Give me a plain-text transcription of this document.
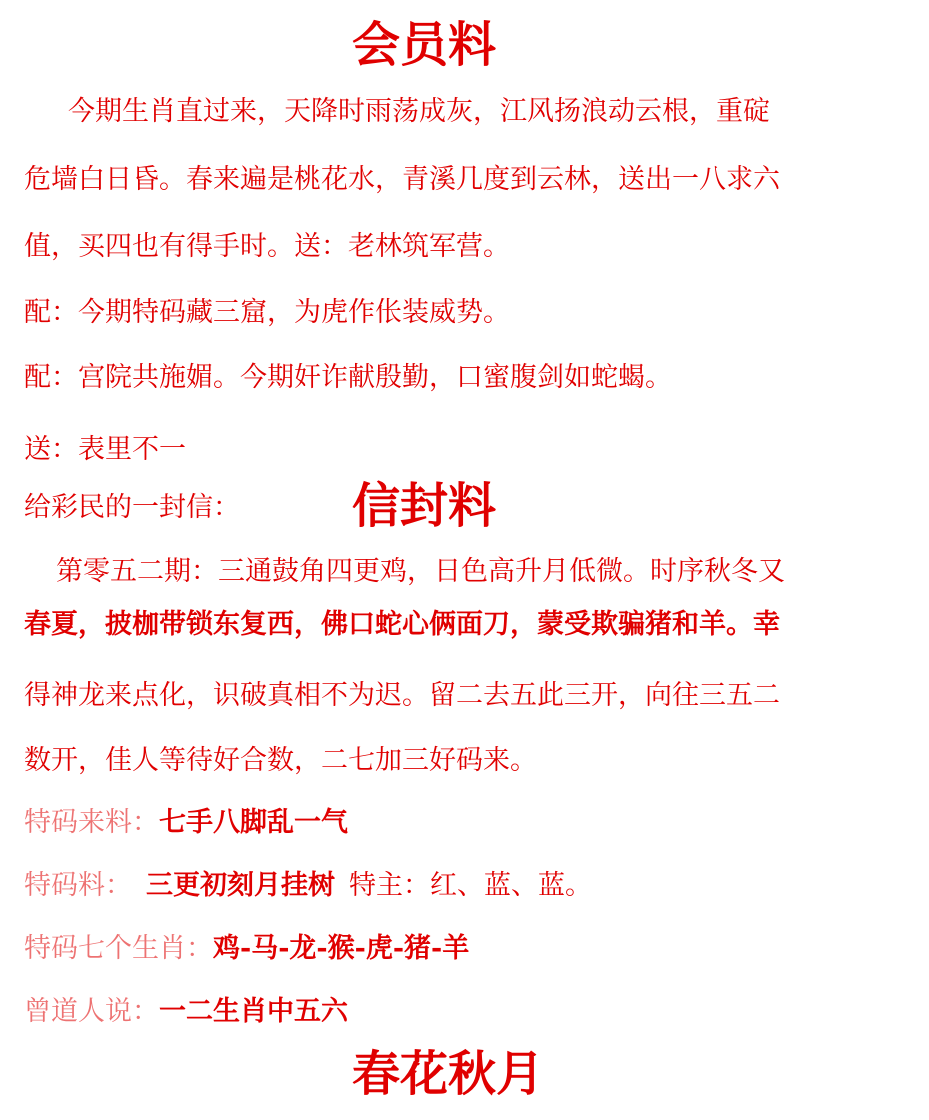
会员料
今期生肖直过来，天降时雨荡成灰，江风扬浪动云根，重碇
危墙白日昏。春来遍是桃花水，青溪几度到云林，送出一八求六
值，买四也有得手时。送：老林筑军营。
配：今期特码藏三窟，为虎作伥装威势。
配：宫院共施媚。今期奸诈献殷勤，口蜜腹剑如蛇蝎。
送：表里不一
给彩民的一封信： 信封料
第零五二期：三通鼓角四更鸡，日色高升月低微。时序秋冬又
春夏，披枷带锁东复西，佛口蛇心俩面刀，蒙受欺骗猪和羊。幸
得神龙来点化，识破真相不为迟。留二去五此三开，向往三五二
数开，佳人等待好合数，二七加三好码来。
特码来料：七手八脚乱一气
特码料： 三更初刻月挂树 特主：红、蓝、蓝。
特码七个生肖：鸡-马-龙-猴-虎-猪-羊
曾道人说：一二生肖中五六
春花秋月
